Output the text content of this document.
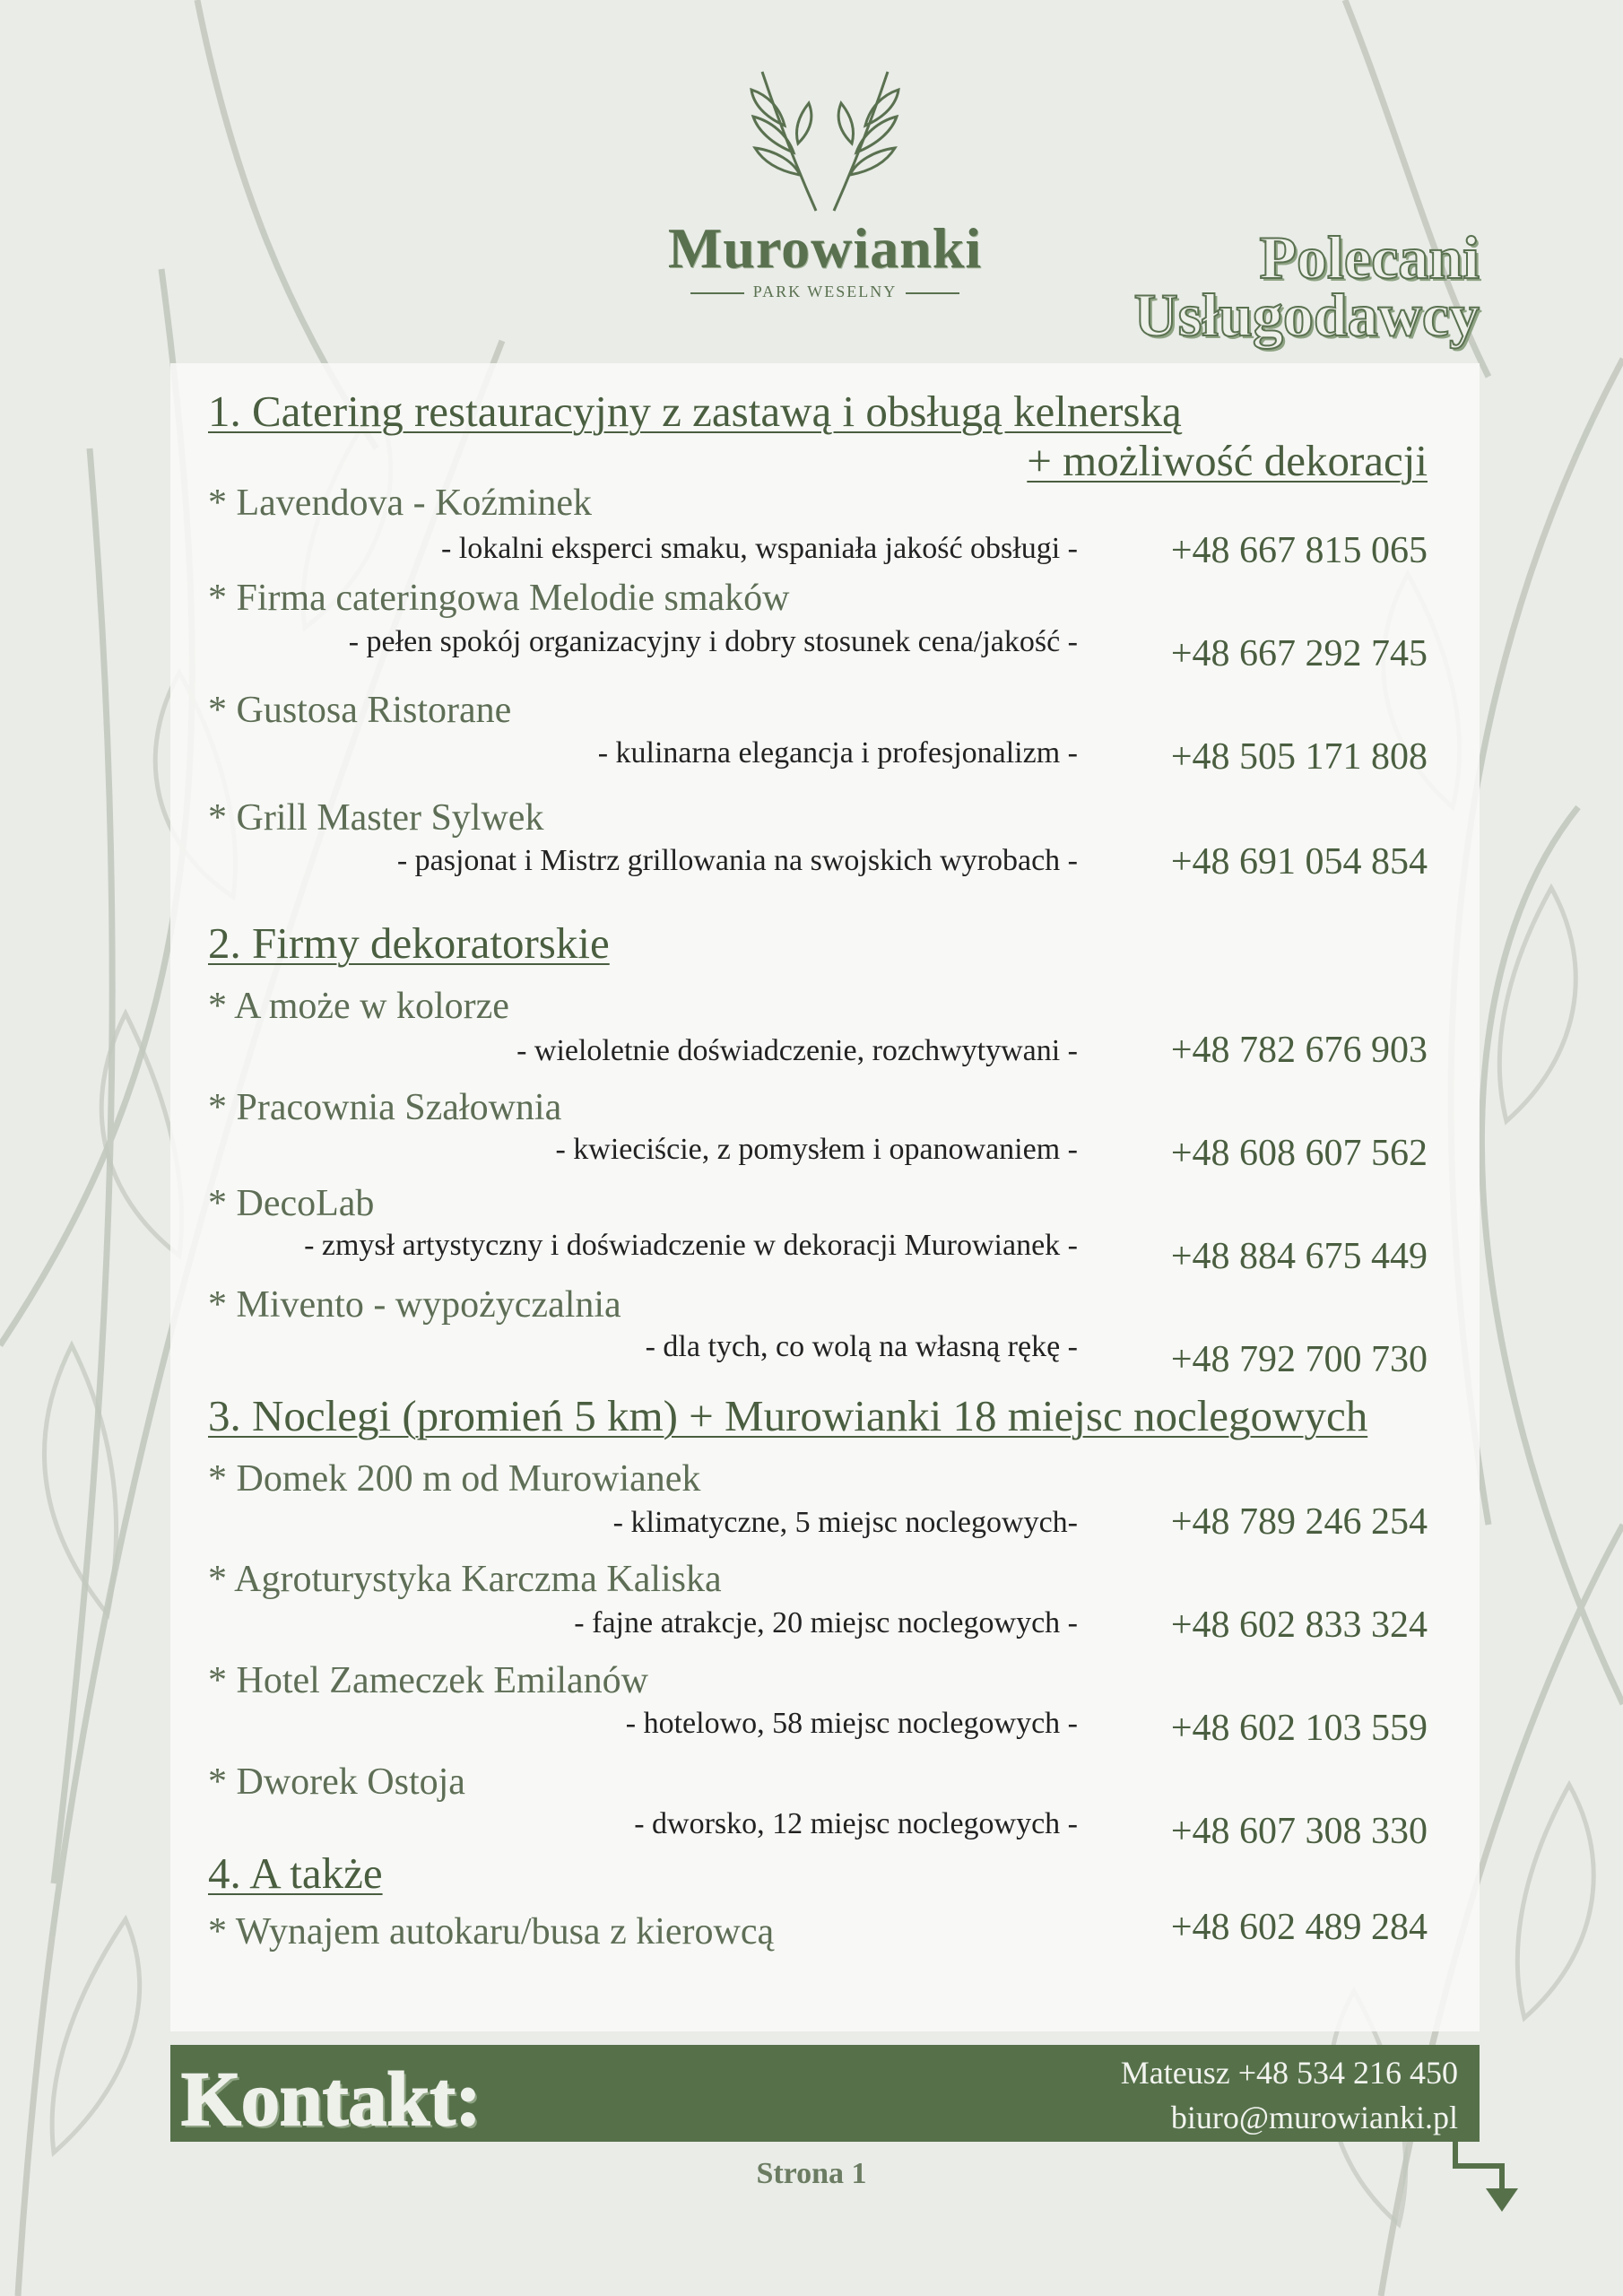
Murowianki
PARK WESELNY	Polecani
Usługodawcy
1. Catering restauracyjny z zastawą i obsługą kelnerską
+ możliwość dekoracji
* Lavendova - Koźminek
- lokalni eksperci smaku, wspaniała jakość obsługi - +48 667 815 065
* Firma cateringowa Melodie smaków
- pełen spokój organizacyjny i dobry stosunek cena/jakość - +48 667 292 745
* Gustosa Ristorane
- kulinarna elegancja i profesjonalizm - +48 505 171 808
* Grill Master Sylwek
- pasjonat i Mistrz grillowania na swojskich wyrobach - +48 691 054 854
2. Firmy dekoratorskie
* A może w kolorze
- wieloletnie doświadczenie, rozchwytywani - +48 782 676 903
* Pracownia Szałownia
- kwieciście, z pomysłem i opanowaniem - +48 608 607 562
* DecoLab
- zmysł artystyczny i doświadczenie w dekoracji Murowianek - +48 884 675 449
* Mivento - wypożyczalnia
- dla tych, co wolą na własną rękę - +48 792 700 730
3. Noclegi (promień 5 km) + Murowianki 18 miejsc noclegowych
* Domek 200 m od Murowianek
- klimatyczne, 5 miejsc noclegowych- +48 789 246 254
* Agroturystyka Karczma Kaliska
- fajne atrakcje, 20 miejsc noclegowych - +48 602 833 324
* Hotel Zameczek Emilanów
- hotelowo, 58 miejsc noclegowych - +48 602 103 559
* Dworek Ostoja
- dworsko, 12 miejsc noclegowych - +48 607 308 330
4. A także
* Wynajem autokaru/busa z kierowcą	+48 602 489 284
Kontakt:	Mateusz +48 534 216 450
biuro@murowianki.pl
Strona 1
